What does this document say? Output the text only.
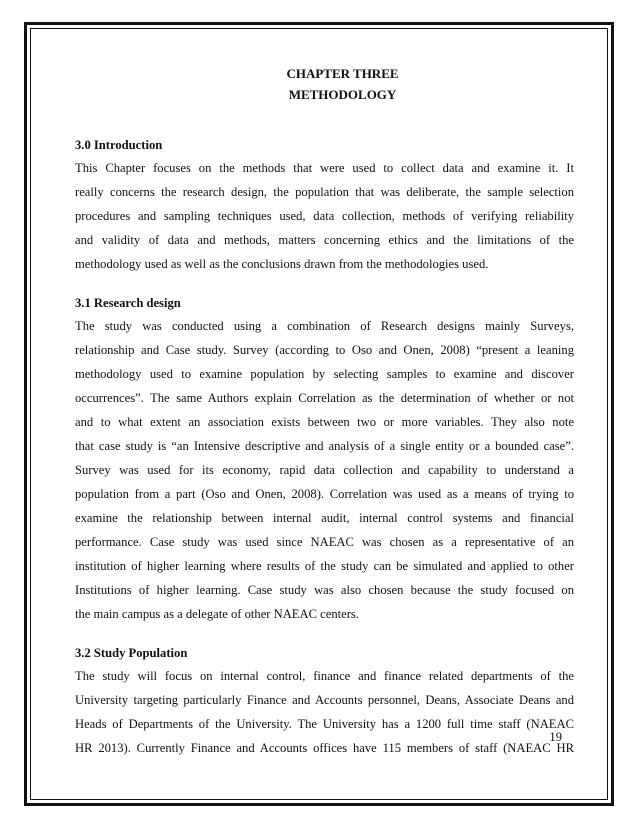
CHAPTER THREE
METHODOLOGY
3.0 Introduction
This Chapter focuses on the methods that were used to collect data and examine it. It
really concerns the research design, the population that was deliberate, the sample selection
procedures and sampling techniques used, data collection, methods of verifying reliability
and validity of data and methods, matters concerning ethics and the limitations of the
methodology used as well as the conclusions drawn from the methodologies used.
3.1 Research design
The study was conducted using a combination of Research designs mainly Surveys,
relationship and Case study. Survey (according to Oso and Onen, 2008) “present a leaning
methodology used to examine population by selecting samples to examine and discover
occurrences”. The same Authors explain Correlation as the determination of whether or not
and to what extent an association exists between two or more variables. They also note
that case study is “an Intensive descriptive and analysis of a single entity or a bounded case”.
Survey was used for its economy, rapid data collection and capability to understand a
population from a part (Oso and Onen, 2008). Correlation was used as a means of trying to
examine the relationship between internal audit, internal control systems and financial
performance. Case study was used since NAEAC was chosen as a representative of an
institution of higher learning where results of the study can be simulated and applied to other
Institutions of higher learning. Case study was also chosen because the study focused on
the main campus as a delegate of other NAEAC centers.
3.2 Study Population
The study will focus on internal control, finance and finance related departments of the
University targeting particularly Finance and Accounts personnel, Deans, Associate Deans and
Heads of Departments of the University. The University has a 1200 full time staff (NAEAC
HR 2013). Currently Finance and Accounts offices have 115 members of staff (NAEAC HR
19
